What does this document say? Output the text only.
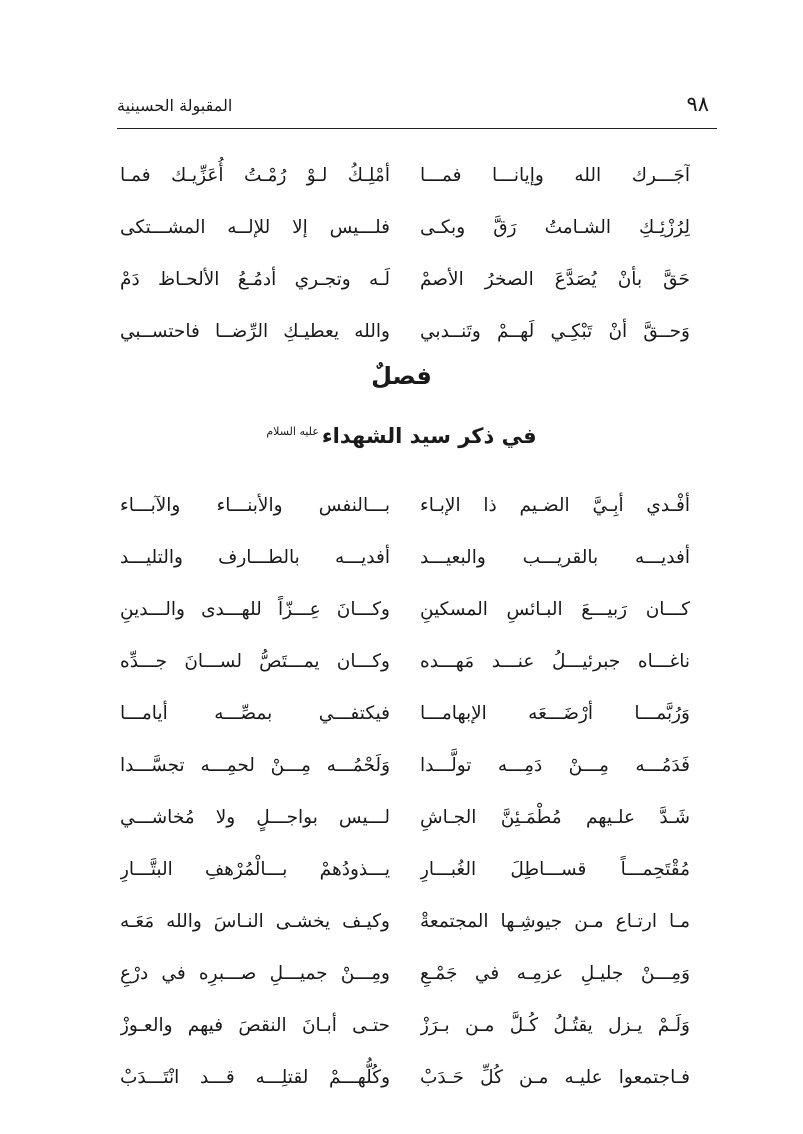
المقبولة الحسينية	٩٨
آجَـــرك الله وإيانـــا فمـــا
أمْلِـكُ لـوْ رُمْـتُ أُعَزِّيـك فمـا
لِرُزْئِـكِ الشـامتُ رَقَّ وبكـى
فلـــيس إلا للإلــه المشـــتكى
حَقَّ بأنْ يُصَدَّعَ الصخرُ الأصمْ
لَـه وتجـري أدمُـعُ الألحـاظ دَمْ
وَحــقَّ أنْ تَبْكِـي لَهــمْ وتَنــدبي
والله يعطيـكِ الرِّضــا فاحتســبي
فصلٌ
في ذكر سيد الشهداء$^{عليه السلام}$
أفْـدي أبِـيَّ الضـيم ذا الإبـاء
بـــالنفس والأبنـــاء والآبـــاء
أفديـــه بالقريـــب والبعيـــد
أفديـــه بالطـــارف والتليـــد
كـــان رَبيـــعَ البـائسِ المسكينِ
وكـــانَ عِـــزّاً للهـــدى والـــدينِ
ناغـــاه جبرئيـــلُ عنـــد مَهـــده
وكـــان يمـــتَصُّ لســـانَ جـــدِّه
وَرُبَّمـــا أرْضَـــعَه الإبهامـــا
فيكتفـــي بمصِّـــه أيامـــا
فَدَمُـــه مِـــنْ دَمِـــه تولَّـــدا
وَلَحْمُـــه مِـــنْ لحمِـــه تجسَّـــدا
شَـدَّ علـيهم مُطْمَـئِنَّ الجـاشِ
لـــيس بواجـــلٍ ولا مُخاشـــي
مُقْتَحِمـــاً قســـاطِلَ الغُبـــارِ
يـــذودُهمْ بـــالْمُرْهفِ البتَّـــارِ
مـا ارتـاع مـن جيوشِـها المجتمعةْ
وكيـف يخشـى النـاسَ والله مَعَـه
وَمِـــنْ جليـلِ عزمِـه في جَمْـعِ
ومِـــنْ جميـــلِ صـــبرِه في درْعِ
وَلَـمْ يـزل يقتُـلُ كُـلَّ مـن بـرَزْ
حتـى أبـانَ النقصَ فيهم والعـوزْ
فـاجتمعوا عليـه مـن كُلِّ حَـدَبْ
وكُلُّهـــمْ لقتلِـــه قـــد انْتَـــدَبْ
